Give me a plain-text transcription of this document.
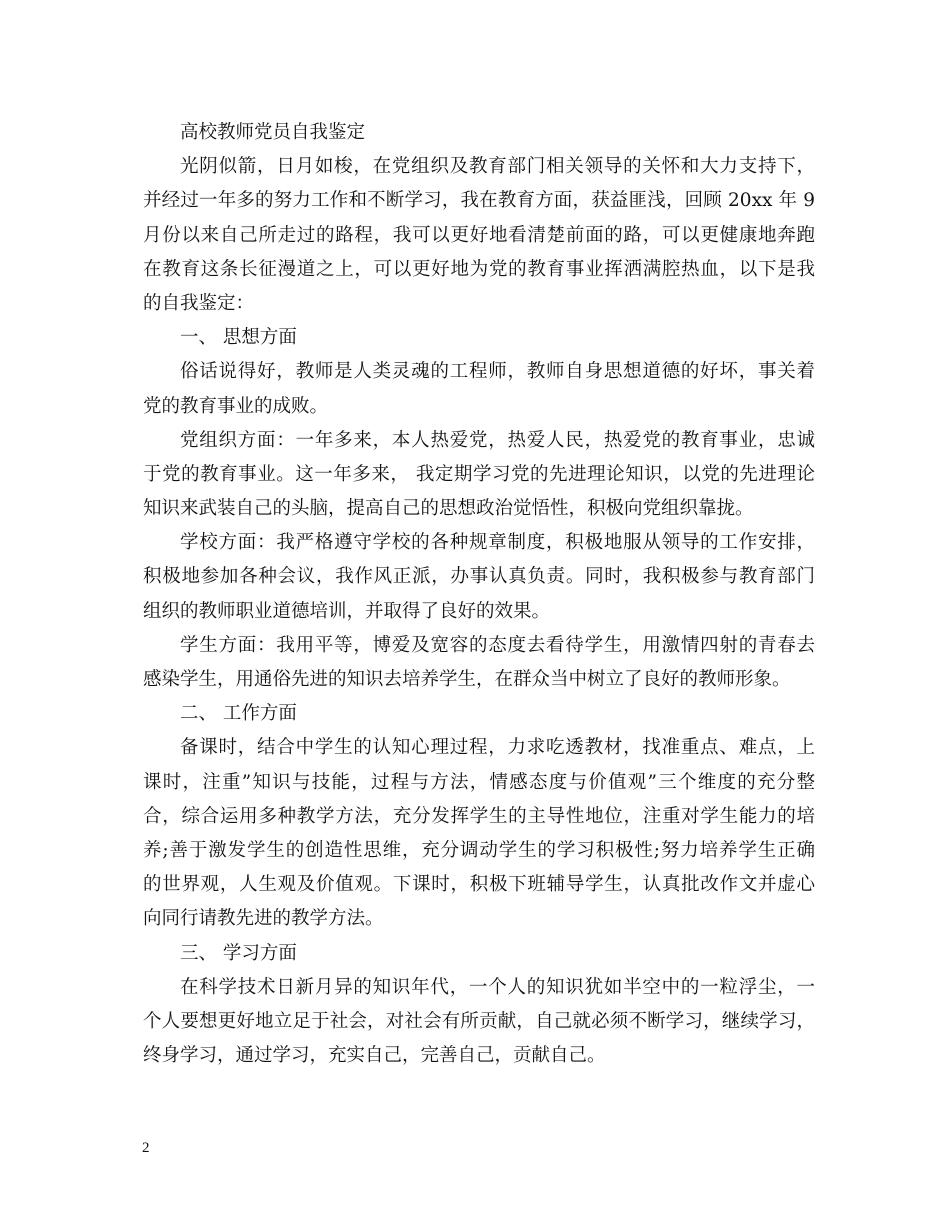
高校教师党员自我鉴定
光阴似箭，日月如梭，在党组织及教育部门相关领导的关怀和大力支持下，
并经过一年多的努力工作和不断学习，我在教育方面，获益匪浅，回顾 20xx 年 9
月份以来自己所走过的路程，我可以更好地看清楚前面的路，可以更健康地奔跑
在教育这条长征漫道之上，可以更好地为党的教育事业挥洒满腔热血，以下是我
的自我鉴定：
一、 思想方面
俗话说得好，教师是人类灵魂的工程师，教师自身思想道德的好坏，事关着
党的教育事业的成败。
党组织方面：一年多来，本人热爱党，热爱人民，热爱党的教育事业，忠诚
于党的教育事业。这一年多来， 我定期学习党的先进理论知识，以党的先进理论
知识来武装自己的头脑，提高自己的思想政治觉悟性，积极向党组织靠拢。
学校方面：我严格遵守学校的各种规章制度，积极地服从领导的工作安排，
积极地参加各种会议，我作风正派，办事认真负责。同时，我积极参与教育部门
组织的教师职业道德培训，并取得了良好的效果。
学生方面：我用平等，博爱及宽容的态度去看待学生，用激情四射的青春去
感染学生，用通俗先进的知识去培养学生，在群众当中树立了良好的教师形象。
二、 工作方面
备课时，结合中学生的认知心理过程，力求吃透教材，找准重点、难点，上
课时，注重”知识与技能，过程与方法，情感态度与价值观”三个维度的充分整
合，综合运用多种教学方法，充分发挥学生的主导性地位，注重对学生能力的培
养;善于激发学生的创造性思维，充分调动学生的学习积极性;努力培养学生正确
的世界观，人生观及价值观。下课时，积极下班辅导学生，认真批改作文并虚心
向同行请教先进的教学方法。
三、 学习方面
在科学技术日新月异的知识年代，一个人的知识犹如半空中的一粒浮尘，一
个人要想更好地立足于社会，对社会有所贡献，自己就必须不断学习，继续学习，
终身学习，通过学习，充实自己，完善自己，贡献自己。
2
